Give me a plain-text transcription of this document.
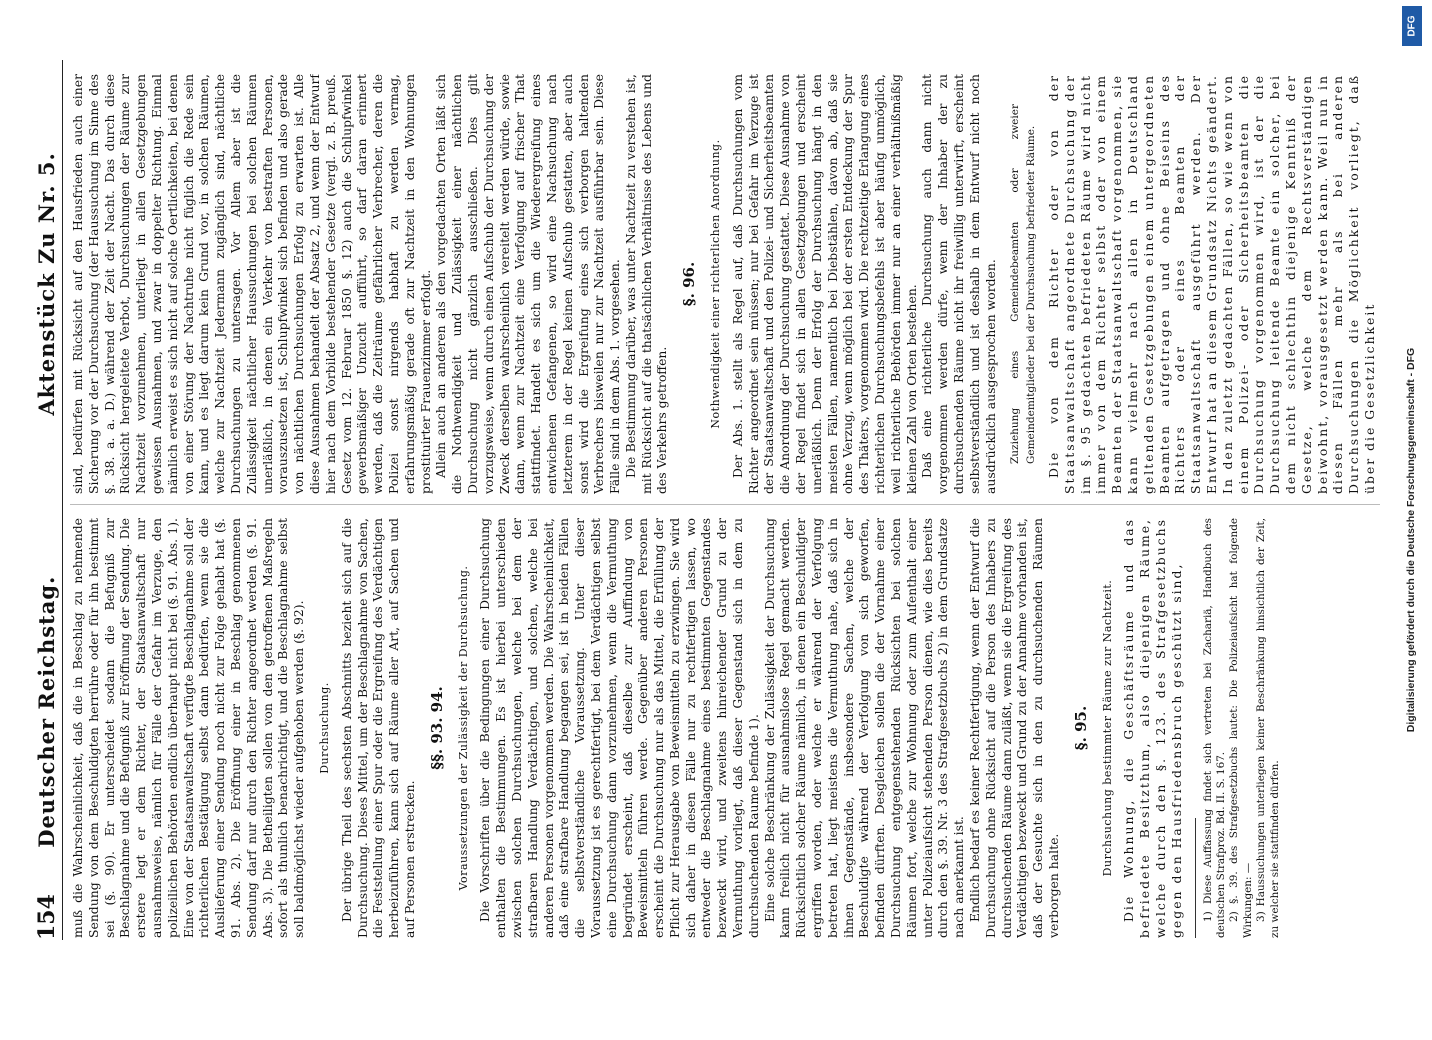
154
Deutscher Reichstag.Aktenstück Zu Nr. 5.

muß die Wahrscheinlichkeit, daß die in Beschlag zu nehmende Sendung von dem Beschuldigten herrühre oder für ihn bestimmt sei (§. 90). Er unterscheidet sodann die Befugniß zur Beschlagnahme und die Befugniß zur Eröffnung der Sendung. Die erstere legt er dem Richter, der Staatsanwaltschaft nur ausnahmsweise, nämlich für Fälle der Gefahr im Verzuge, den polizeilichen Behörden endlich überhaupt nicht bei (§. 91. Abs. 1). Eine von der Staatsanwaltschaft verfügte Beschlagnahme soll der richterlichen Bestätigung selbst dann bedürfen, wenn sie die Auslieferung einer Sendung noch nicht zur Folge gehabt hat (§. 91. Abs. 2). Die Eröffnung einer in Beschlag genommenen Sendung darf nur durch den Richter angeordnet werden (§. 91. Abs. 3). Die Betheiligten sollen von den getroffenen Maßregeln sofort als thunlich benachrichtigt, und die Beschlagnahme selbst soll baldmöglichst wieder aufgehoben werden (§. 92). Durchsuchung. Der übrige Theil des sechsten Abschnitts bezieht sich auf die Durchsuchung. Dieses Mittel, um der Beschlagnahme von Sachen, die Feststellung einer Spur oder die Ergreifung des Verdächtigen herbeizuführen, kann sich auf Räume aller Art, auf Sachen und auf Personen erstrecken.

§§. 93. 94. Voraussetzungen der Zulässigkeit der Durchsuchung. Die Vorschriften über die Bedingungen einer Durchsuchung enthalten die Bestimmungen. Es ist hierbei unterschieden zwischen solchen Durchsuchungen, welche bei dem der strafbaren Handlung Verdächtigen, und solchen, welche bei anderen Personen vorgenommen werden. Die Wahrscheinlichkeit, daß eine strafbare Handlung begangen sei, ist in beiden Fällen die selbstverständliche Voraussetzung. Unter dieser Voraussetzung ist es gerechtfertigt, bei dem Verdächtigen selbst eine Durchsuchung dann vorzunehmen, wenn die Vermuthung begründet erscheint, daß dieselbe zur Auffindung von Beweismitteln führen werde. Gegenüber anderen Personen erscheint die Durchsuchung nur als das Mittel, die Erfüllung der Pflicht zur Herausgabe von Beweismitteln zu erzwingen. Sie wird sich daher in diesen Fälle nur zu rechtfertigen lassen, wo entweder die Beschlagnahme eines bestimmten Gegenstandes bezweckt wird, und zweitens hinreichender Grund zu der Vermuthung vorliegt, daß dieser Gegenstand sich in dem zu durchsuchenden Raume befinde 1). Eine solche Beschränkung der Zulässigkeit der Durchsuchung kann freilich nicht für ausnahmslose Regel gemacht werden. Rücksichtlich solcher Räume nämlich, in denen ein Beschuldigter ergriffen worden, oder welche er während der Verfolgung betreten hat, liegt meistens die Vermuthung nahe, daß sich in ihnen Gegenstände, insbesondere Sachen, welche der Beschuldigte während der Verfolgung von sich geworfen, befinden dürften. Desgleichen sollen die der Vornahme einer Durchsuchung entgegenstehenden Rücksichten bei solchen Räumen fort, welche zur Wohnung oder zum Aufenthalt einer unter Polizeiaufsicht stehenden Person dienen, wie dies bereits durch den §. 39. Nr. 3 des Strafgesetzbuchs 2) in dem Grundsatze nach anerkannt ist. Endlich bedarf es keiner Rechtfertigung, wenn der Entwurf die Durchsuchung ohne Rücksicht auf die Person des Inhabers zu durchsuchenden Räume dann zuläßt, wenn sie die Ergreifung des Verdächtigen bezweckt und Grund zu der Annahme vorhanden ist, daß der Gesuchte sich in den zu durchsuchenden Räumen verborgen halte.

§. 95. Durchsuchung bestimmter Räume zur Nachtzeit. Die Wohnung, die Geschäftsräume und das befriedete Besitzthum, also diejenigen Räume, welche durch den §. 123. des Strafgesetzbuchs gegen den Hausfriedensbruch geschützt sind, 1) Diese Auffassung findet sich vertreten bei Zachariä, Handbuch des deutschen Strafproz. Bd. II. S. 167. 2) §. 39. des Strafgesetzbuchs lautet: Die Polizeiaufsicht hat folgende Wirkungen: — 3) Haussuchungen unterliegen keiner Beschränkung hinsichtlich der Zeit, zu welcher sie stattfinden dürfen.

sind, bedürfen mit Rücksicht auf den Hausfrieden auch einer Sicherung vor der Durchsuchung (der Haussuchung im Sinne des §. 38. a. a. D.) während der Zeit der Nacht. Das durch diese Rücksicht hergeleitete Verbot, Durchsuchungen der Räume zur Nachtzeit vorzunehmen, unterliegt in allen Gesetzgebungen gewissen Ausnahmen, und zwar in doppelter Richtung. Einmal nämlich erweist es sich nicht auf solche Oertlichkeiten, bei denen von einer Störung der Nachtruhe nicht füglich die Rede sein kann, und es liegt darum kein Grund vor, in solchen Räumen, welche zur Nachtzeit Jedermann zugänglich sind, nächtliche Durchsuchungen zu untersagen. Vor Allem aber ist die Zulässigkeit nächtlicher Haussuchungen bei solchen Räumen unerläßlich, in denen ein Verkehr von bestraften Personen, vorauszusetzen ist, Schlupfwinkel sich befinden und also gerade von nächtlichen Durchsuchungen Erfolg zu erwarten ist. Alle diese Ausnahmen behandelt der Absatz 2, und wenn der Entwurf hier nach dem Vorbilde bestehender Gesetze (vergl. z. B. preuß. Gesetz vom 12. Februar 1850 §. 12) auch die Schlupfwinkel gewerbsmäßiger Unzucht aufführt, so darf daran erinnert werden, daß die Zeiträume gefährlicher Verbrecher, deren die Polizei sonst nirgends habhaft zu werden vermag, erfahrungsmäßig gerade oft zur Nachtzeit in den Wohnungen prostituirter Frauenzimmer erfolgt. Allein auch an anderen als den vorgedachten Orten läßt sich die Nothwendigkeit und Zulässigkeit einer nächtlichen Durchsuchung nicht gänzlich ausschließen. Dies gilt vorzugsweise, wenn durch einen Aufschub der Durchsuchung der Zweck derselben wahrscheinlich vereitelt werden würde, sowie dann, wenn zur Nachtzeit eine Verfolgung auf frischer That stattfindet. Handelt es sich um die Wiederergreifung eines entwichenen Gefangenen, so wird eine Nachsuchung nach letzterem in der Regel keinen Aufschub gestatten, aber auch sonst wird die Ergreifung eines sich verborgen haltenden Verbrechers bisweilen nur zur Nachtzeit ausführbar sein. Diese Fälle sind in dem Abs. 1. vorgesehen. Die Bestimmung darüber, was unter Nachtzeit zu verstehen ist, mit Rücksicht auf die thatsächlichen Verhältnisse des Lebens und des Verkehrs getroffen.

§. 96. Nothwendigkeit einer richterlichen Anordnung. Der Abs. 1. stellt als Regel auf, daß Durchsuchungen vom Richter angeordnet sein müssen; nur bei Gefahr im Verzuge ist der Staatsanwaltschaft und den Polizei- und Sicherheitsbeamten die Anordnung der Durchsuchung gestattet. Diese Ausnahme von der Regel findet sich in allen Gesetzgebungen und erscheint unerläßlich. Denn der Erfolg der Durchsuchung hängt in den meisten Fällen, namentlich bei Diebstählen, davon ab, daß sie ohne Verzug, wenn möglich bei der ersten Entdeckung der Spur des Thäters, vorgenommen wird. Die rechtzeitige Erlangung eines richterlichen Durchsuchungsbefehls ist aber häufig unmöglich, weil richterliche Behörden immer nur an einer verhältnißmäßig kleinen Zahl von Orten bestehen. Daß eine richterliche Durchsuchung auch dann nicht vorgenommen werden dürfe, wenn der Inhaber der zu durchsuchenden Räume nicht ihr freiwillig unterwirft, erscheint selbstverständlich und ist deshalb in dem Entwurf nicht noch ausdrücklich ausgesprochen worden. Zuziehung eines Gemeindebeamten oder zweier Gemeindemitglieder bei der Durchsuchung befriedeter Räume. Die von dem Richter oder von der Staatsanwaltschaft angeordnete Durchsuchung der im §. 95 gedachten befriedeten Räume wird nicht immer von dem Richter selbst oder von einem Beamten der Staatsanwaltschaft vorgenommen, sie kann vielmehr nach allen in Deutschland geltenden Gesetzgebungen einem untergeordneten Beamten aufgetragen und ohne Beiseins des Richters oder eines Beamten der Staatsanwaltschaft ausgeführt werden. Der Entwurf hat an diesem Grundsatz Nichts geändert. In den zuletzt gedachten Fällen, so wie wenn von einem Polizei- oder Sicherheitsbeamten die Durchsuchung vorgenommen wird, ist der die Durchsuchung leitende Beamte ein solcher, bei dem nicht schlechthin diejenige Kenntniß der Gesetze, welche dem Rechtsverständigen beiwohnt, vorausgesetzt werden kann. Weil nun in diesen Fällen mehr als bei anderen Durchsuchungen die Möglichkeit vorliegt, daß über die Gesetzlichkeit

DFG
Digitalisierung gefördert durch die Deutsche Forschungsgemeinschaft - DFG
